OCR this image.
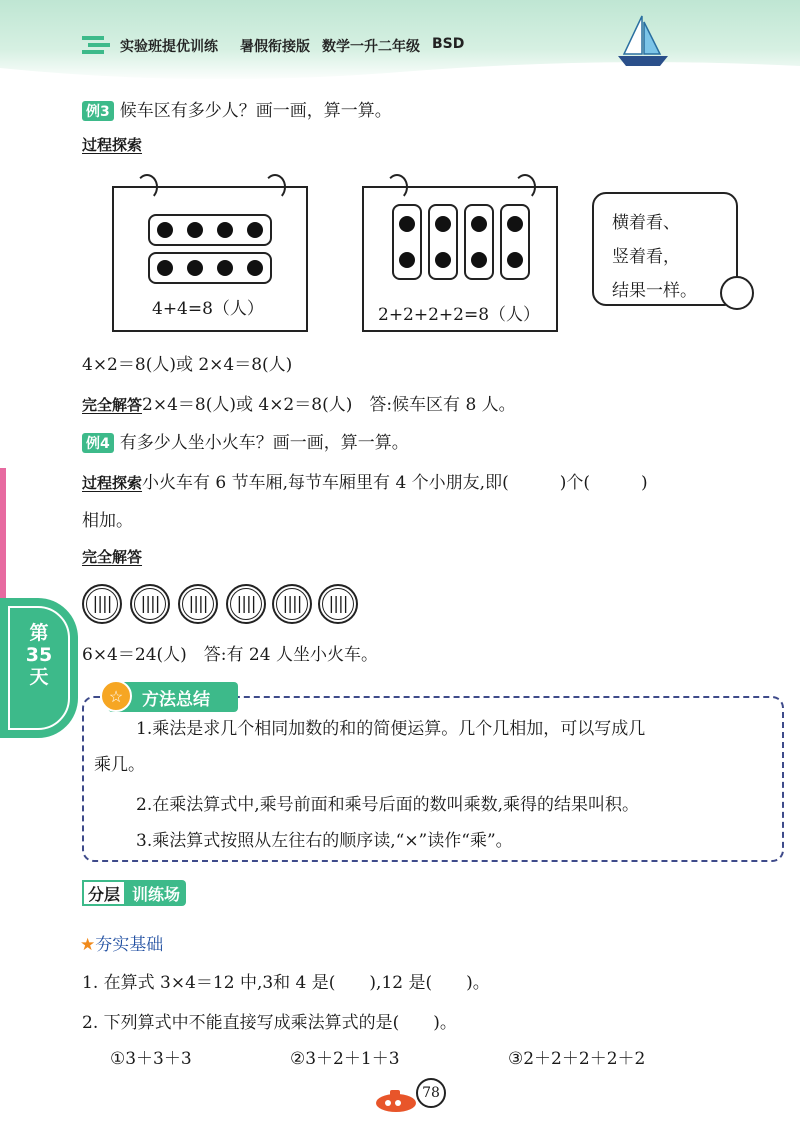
实验班提优训练 暑假衔接版 数学一升二年级 BSD
第35天
例3 候车区有多少人？画一画，算一算。
过程探索
4+4=8（人）	2+2+2+2=8（人）
横着看、
竖着看，
结果一样。
4×2＝8(人)或 2×4＝8(人)
完全解答2×4＝8(人)或 4×2＝8(人)　答:候车区有 8 人。
例4 有多少人坐小火车？画一画，算一算。
过程探索小火车有 6 节车厢,每节车厢里有 4 个小朋友,即(　　　)个(　　　)
相加。
完全解答
||||	||||	||||	||||	||||	||||
6×4＝24(人)　答:有 24 人坐小火车。
方法总结
☆
1.乘法是求几个相同加数的和的简便运算。几个几相加，可以写成几
乘几。
2.在乘法算式中,乘号前面和乘号后面的数叫乘数,乘得的结果叫积。
3.乘法算式按照从左往右的顺序读,“×”读作“乘”。
分层 训练场
★夯实基础
1. 在算式 3×4＝12 中,3和 4 是(　　),12 是(　　)。
2. 下列算式中不能直接写成乘法算式的是(　　)。
①3＋3＋3	②3＋2＋1＋3	③2＋2＋2＋2＋2
78
